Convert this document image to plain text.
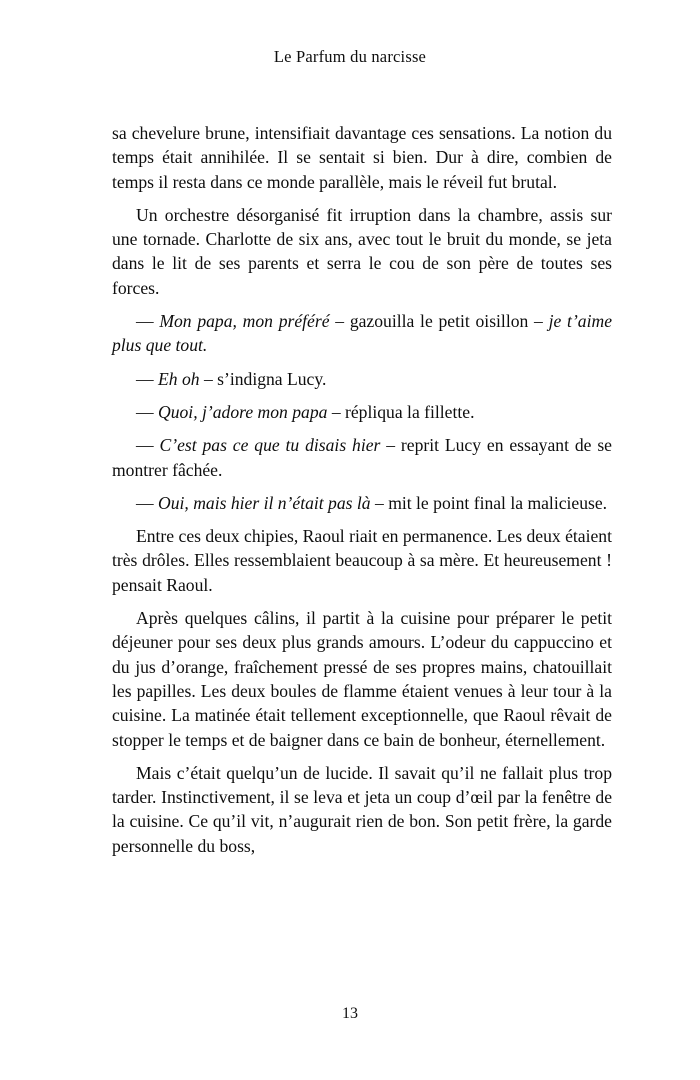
Le Parfum du narcisse

sa chevelure brune, intensifiait davantage ces sensations. La notion du temps était annihilée. Il se sentait si bien. Dur à dire, combien de temps il resta dans ce monde parallèle, mais le réveil fut brutal.

Un orchestre désorganisé fit irruption dans la chambre, assis sur une tornade. Charlotte de six ans, avec tout le bruit du monde, se jeta dans le lit de ses parents et serra le cou de son père de toutes ses forces.

— Mon papa, mon préféré – gazouilla le petit oisillon – je t’aime plus que tout.

— Eh oh – s’indigna Lucy.

— Quoi, j’adore mon papa – répliqua la fillette.

— C’est pas ce que tu disais hier – reprit Lucy en essayant de se montrer fâchée.

— Oui, mais hier il n’était pas là – mit le point final la malicieuse.

Entre ces deux chipies, Raoul riait en permanence. Les deux étaient très drôles. Elles ressemblaient beaucoup à sa mère. Et heureusement ! pensait Raoul.

Après quelques câlins, il partit à la cuisine pour préparer le petit déjeuner pour ses deux plus grands amours. L’odeur du cappuccino et du jus d’orange, fraîchement pressé de ses propres mains, chatouillait les papilles. Les deux boules de flamme étaient venues à leur tour à la cuisine. La matinée était tellement exceptionnelle, que Raoul rêvait de stopper le temps et de baigner dans ce bain de bonheur, éternellement.

Mais c’était quelqu’un de lucide. Il savait qu’il ne fallait plus trop tarder. Instinctivement, il se leva et jeta un coup d’œil par la fenêtre de la cuisine. Ce qu’il vit, n’augurait rien de bon. Son petit frère, la garde personnelle du boss,

13
